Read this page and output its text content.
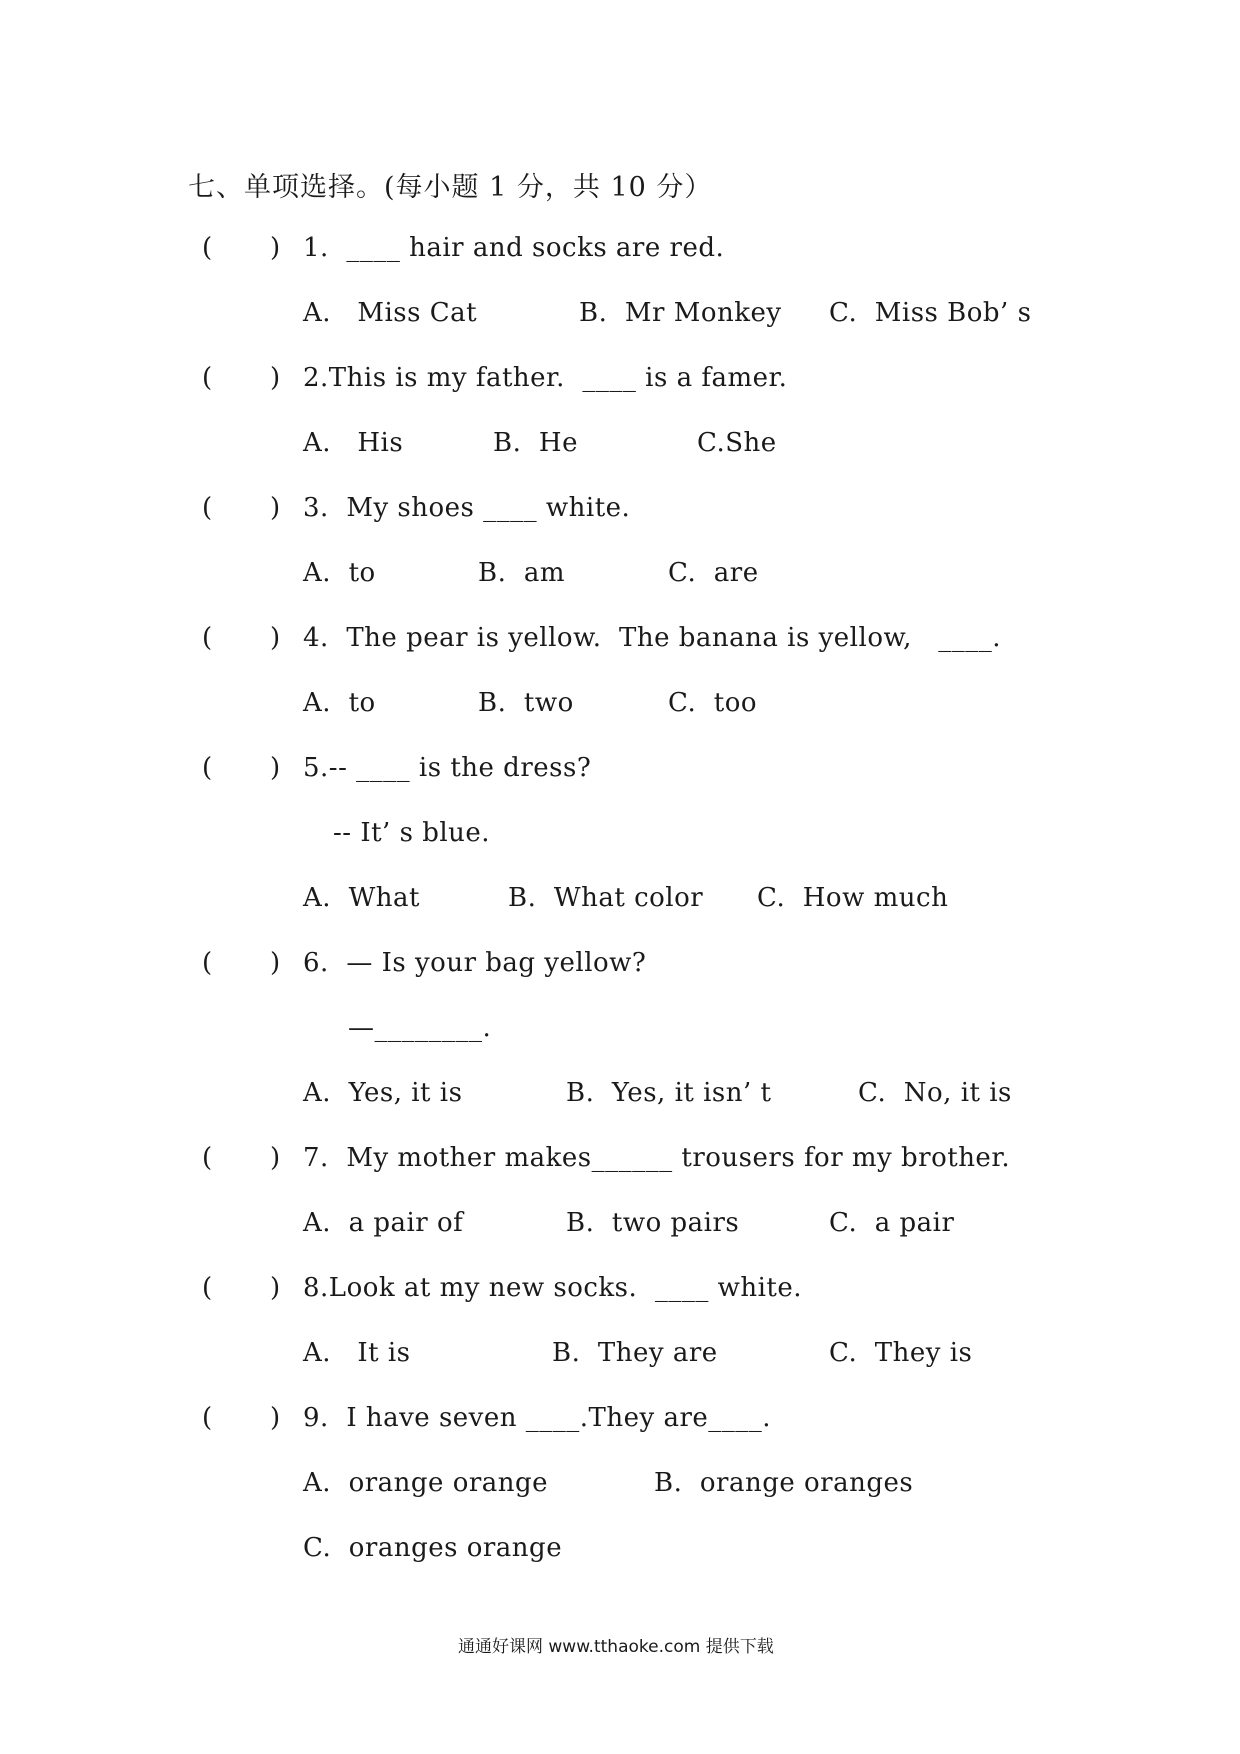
七、单项选择。(每小题 1 分，共 10 分）
(       ) 1.  ____ hair and socks are red.
A.   Miss Cat	B.  Mr Monkey C.  Miss Bob’ s
(       ) 2.This is my father.  ____ is a famer.
A.   His	B.  He	C.She
(       ) 3.  My shoes ____ white.
A.  to	B.  am	C.  are
(       ) 4.  The pear is yellow.  The banana is yellow,   ____.
A.  to	B.  two	C.  too
(       ) 5.-- ____ is the dress?
-- It’ s blue.
A.  What	B.  What color C.  How much
(       ) 6.  — Is your bag yellow?
—________.
A.  Yes, it is	B.  Yes, it isn’ t	C.  No, it is
(       ) 7.  My mother makes______ trousers for my brother.
A.  a pair of	B.  two pairs	C.  a pair
(       ) 8.Look at my new socks.  ____ white.
A.   It is	B.  They are	C.  They is
(       ) 9.  I have seven ____.They are____.
A.  orange orange	B.  orange oranges
C.  oranges orange
通通好课网 www.tthaoke.com 提供下载
